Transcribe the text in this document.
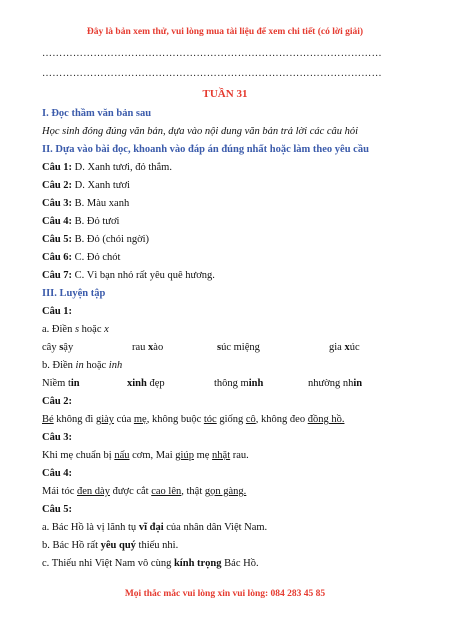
Đây là bản xem thử, vui lòng mua tài liệu để xem chi tiết (có lời giải)
………………………………………………………………………………………
………………………………………………………………………………………
TUẦN 31
I. Đọc thầm văn bản sau
Học sinh đóng đúng văn bản, dựa vào nội dung văn bản trả lời các câu hỏi
II. Dựa vào bài đọc, khoanh vào đáp án đúng nhất hoặc làm theo yêu cầu
Câu 1: D. Xanh tươi, đỏ thắm.
Câu 2: D. Xanh tươi
Câu 3: B. Màu xanh
Câu 4: B. Đỏ tươi
Câu 5: B. Đỏ (chói ngời)
Câu 6: C. Đỏ chót
Câu 7: C. Vì bạn nhỏ rất yêu quê hương.
III. Luyện tập
Câu 1:
a. Điền s hoặc x
cây sậy	rau xào	súc miệng	gia xúc
b. Điền in hoặc inh
Niềm tin	xinh đẹp	thông minh	nhường nhin
Câu 2:
Bé không đi giày của mẹ, không buộc tóc giống cô, không đeo đồng hồ.
Câu 3:
Khi mẹ chuẩn bị nấu cơm, Mai giúp mẹ nhặt rau.
Câu 4:
Mái tóc đen dày được cắt cao lên, thật gọn gàng.
Câu 5:
a. Bác Hồ là vị lãnh tụ vĩ đại của nhân dân Việt Nam.
b. Bác Hồ rất yêu quý thiếu nhi.
c. Thiếu nhi Việt Nam vô cùng kính trọng Bác Hồ.
Mọi thắc mắc vui lòng xin vui lòng: 084 283 45 85
